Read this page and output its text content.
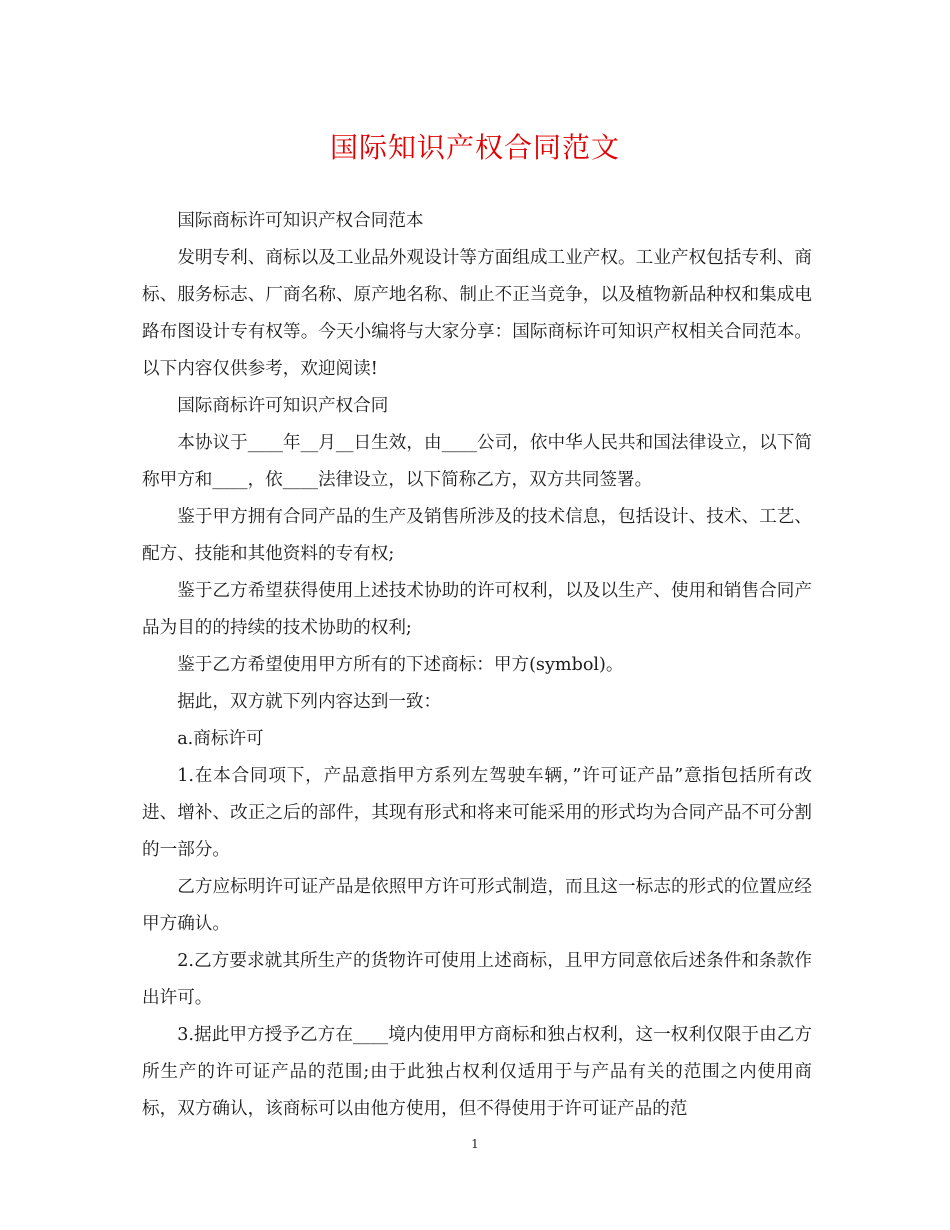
国际知识产权合同范文

国际商标许可知识产权合同范本

发明专利、商标以及工业品外观设计等方面组成工业产权。工业产权包括专利、商标、服务标志、厂商名称、原产地名称、制止不正当竞争，以及植物新品种权和集成电路布图设计专有权等。今天小编将与大家分享：国际商标许可知识产权相关合同范本。以下内容仅供参考，欢迎阅读!

国际商标许可知识产权合同

本协议于____年__月__日生效，由____公司，依中华人民共和国法律设立，以下简称甲方和____，依____法律设立，以下简称乙方，双方共同签署。

鉴于甲方拥有合同产品的生产及销售所涉及的技术信息，包括设计、技术、工艺、配方、技能和其他资料的专有权;

鉴于乙方希望获得使用上述技术协助的许可权利，以及以生产、使用和销售合同产品为目的的持续的技术协助的权利;

鉴于乙方希望使用甲方所有的下述商标：甲方(symbol)。

据此，双方就下列内容达到一致：

a.商标许可

1.在本合同项下，产品意指甲方系列左驾驶车辆，”许可证产品”意指包括所有改进、增补、改正之后的部件，其现有形式和将来可能采用的形式均为合同产品不可分割的一部分。

乙方应标明许可证产品是依照甲方许可形式制造，而且这一标志的形式的位置应经甲方确认。

2.乙方要求就其所生产的货物许可使用上述商标，且甲方同意依后述条件和条款作出许可。

3.据此甲方授予乙方在____境内使用甲方商标和独占权利，这一权利仅限于由乙方所生产的许可证产品的范围;由于此独占权利仅适用于与产品有关的范围之内使用商标，双方确认，该商标可以由他方使用，但不得使用于许可证产品的范

1
